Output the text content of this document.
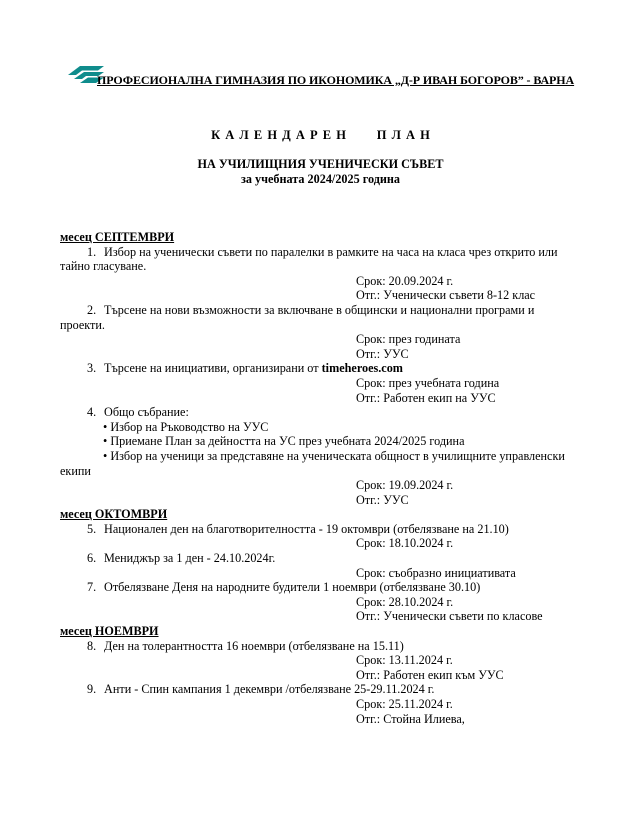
ПРОФЕСИОНАЛНА ГИМНАЗИЯ ПО ИКОНОМИКА „Д-Р ИВАН БОГОРОВ” - ВАРНА
К А Л Е Н Д А Р Е Н      П Л А Н
НА УЧИЛИЩНИЯ УЧЕНИЧЕСКИ СЪВЕТ
за учебната 2024/2025 година
месец СЕПТЕМВРИ
1. Избор на ученически съвети по паралелки в рамките на часа на класа чрез открито или тайно гласуване.
Срок: 20.09.2024 г.
Отг.: Ученически съвети 8-12 клас
2. Търсене на нови възможности за включване в общински и национални програми и проекти.
Срок: през годината
Отг.: УУС
3. Търсене на инициативи, организирани от timeheroes.com
Срок: през учебната година
Отг.: Работен екип на УУС
4. Общо събрание:
• Избор на Ръководство на УУС
• Приемане План за дейността на УС през учебната 2024/2025 година
• Избор на ученици за представяне на ученическата общност в училищните управленски екипи
Срок: 19.09.2024 г.
Отг.: УУС
месец ОКТОМВРИ
5. Национален ден на благотворителността - 19 октомври (отбелязване на 21.10)
Срок: 18.10.2024 г.
6. Мениджър за 1 ден - 24.10.2024г.
Срок: съобразно инициативата
7. Отбелязване Деня на народните будители 1 ноември (отбелязване 30.10)
Срок: 28.10.2024 г.
Отг.: Ученически съвети по класове
месец НОЕМВРИ
8. Ден на толерантността 16 ноември (отбелязване на 15.11)
Срок: 13.11.2024 г.
Отг.: Работен екип към УУС
9. Анти - Спин кампания 1 декември /отбелязване 25-29.11.2024 г.
Срок: 25.11.2024 г.
Отг.: Стойна Илиева,
